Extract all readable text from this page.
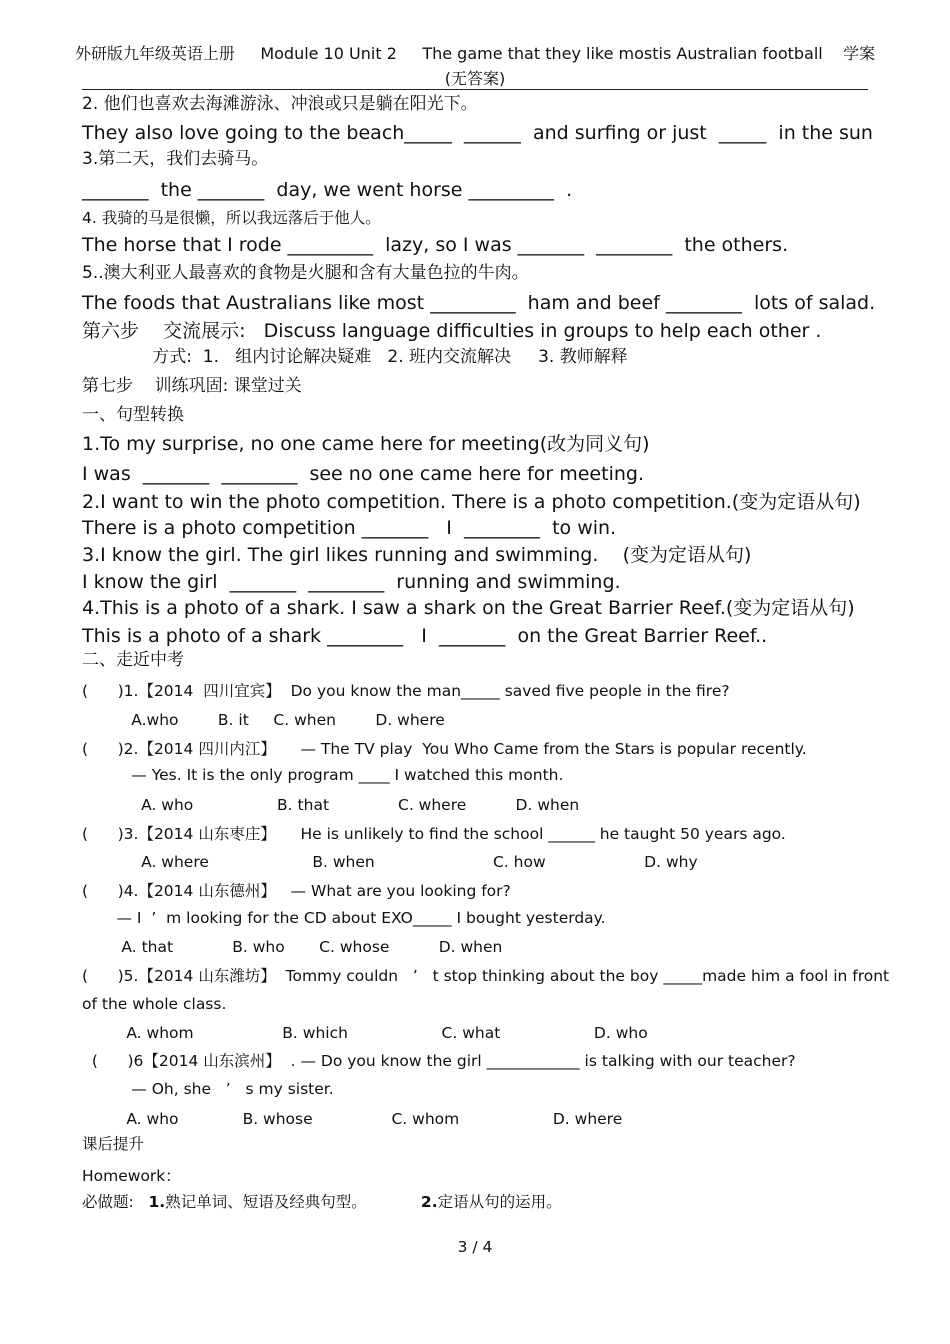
外研版九年级英语上册     Module 10 Unit 2     The game that they like mostis Australian football    学案
(无答案)
2. 他们也喜欢去海滩游泳、冲浪或只是躺在阳光下。
They also love going to the beach_____  ______  and surfing or just  _____  in the sun
3.第二天，我们去骑马。
_______  the _______  day, we went horse _________  .
4. 我骑的马是很懒，所以我远落后于他人。
The horse that I rode _________  lazy, so I was _______  ________  the others.
5..澳大利亚人最喜欢的食物是火腿和含有大量色拉的牛肉。
The foods that Australians like most _________  ham and beef ________  lots of salad.
第六步    交流展示:   Discuss language difficulties in groups to help each other .
方式:  1.   组内讨论解决疑难   2. 班内交流解决     3. 教师解释
第七步    训练巩固: 课堂过关
一、句型转换
1.To my surprise, no one came here for meeting(改为同义句)
I was  _______  ________  see no one came here for meeting.
2.I want to win the photo competition. There is a photo competition.(变为定语从句)
There is a photo competition _______   I  ________  to win.
3.I know the girl. The girl likes running and swimming.    (变为定语从句)
I know the girl  _______  ________  running and swimming.
4.This is a photo of a shark. I saw a shark on the Great Barrier Reef.(变为定语从句)
This is a photo of a shark ________   I  _______  on the Great Barrier Reef..
二、走近中考
(      )1.【2014  四川宜宾】  Do you know the man_____ saved five people in the fire?
A.who        B. it     C. when        D. where
(      )2.【2014 四川内江】     — The TV play  You Who Came from the Stars is popular recently.
— Yes. It is the only program ____ I watched this month.
A. who                 B. that              C. where          D. when
(      )3.【2014 山东枣庄】     He is unlikely to find the school ______ he taught 50 years ago.
A. where                     B. when                        C. how                    D. why
(      )4.【2014 山东德州】   — What are you looking for?
— I  ’  m looking for the CD about EXO_____ I bought yesterday.
A. that            B. who       C. whose          D. when
(      )5.【2014 山东潍坊】  Tommy couldn   ’   t stop thinking about the boy _____made him a fool in front
of the whole class.
A. whom                  B. which                   C. what                   D. who
(      )6【2014 山东滨州】  . — Do you know the girl ____________ is talking with our teacher?
— Oh, she   ’   s my sister.
A. who             B. whose                C. whom                   D. where
课后提升
Homework：
必做题:   1.熟记单词、短语及经典句型。           2.定语从句的运用。
3 / 4
